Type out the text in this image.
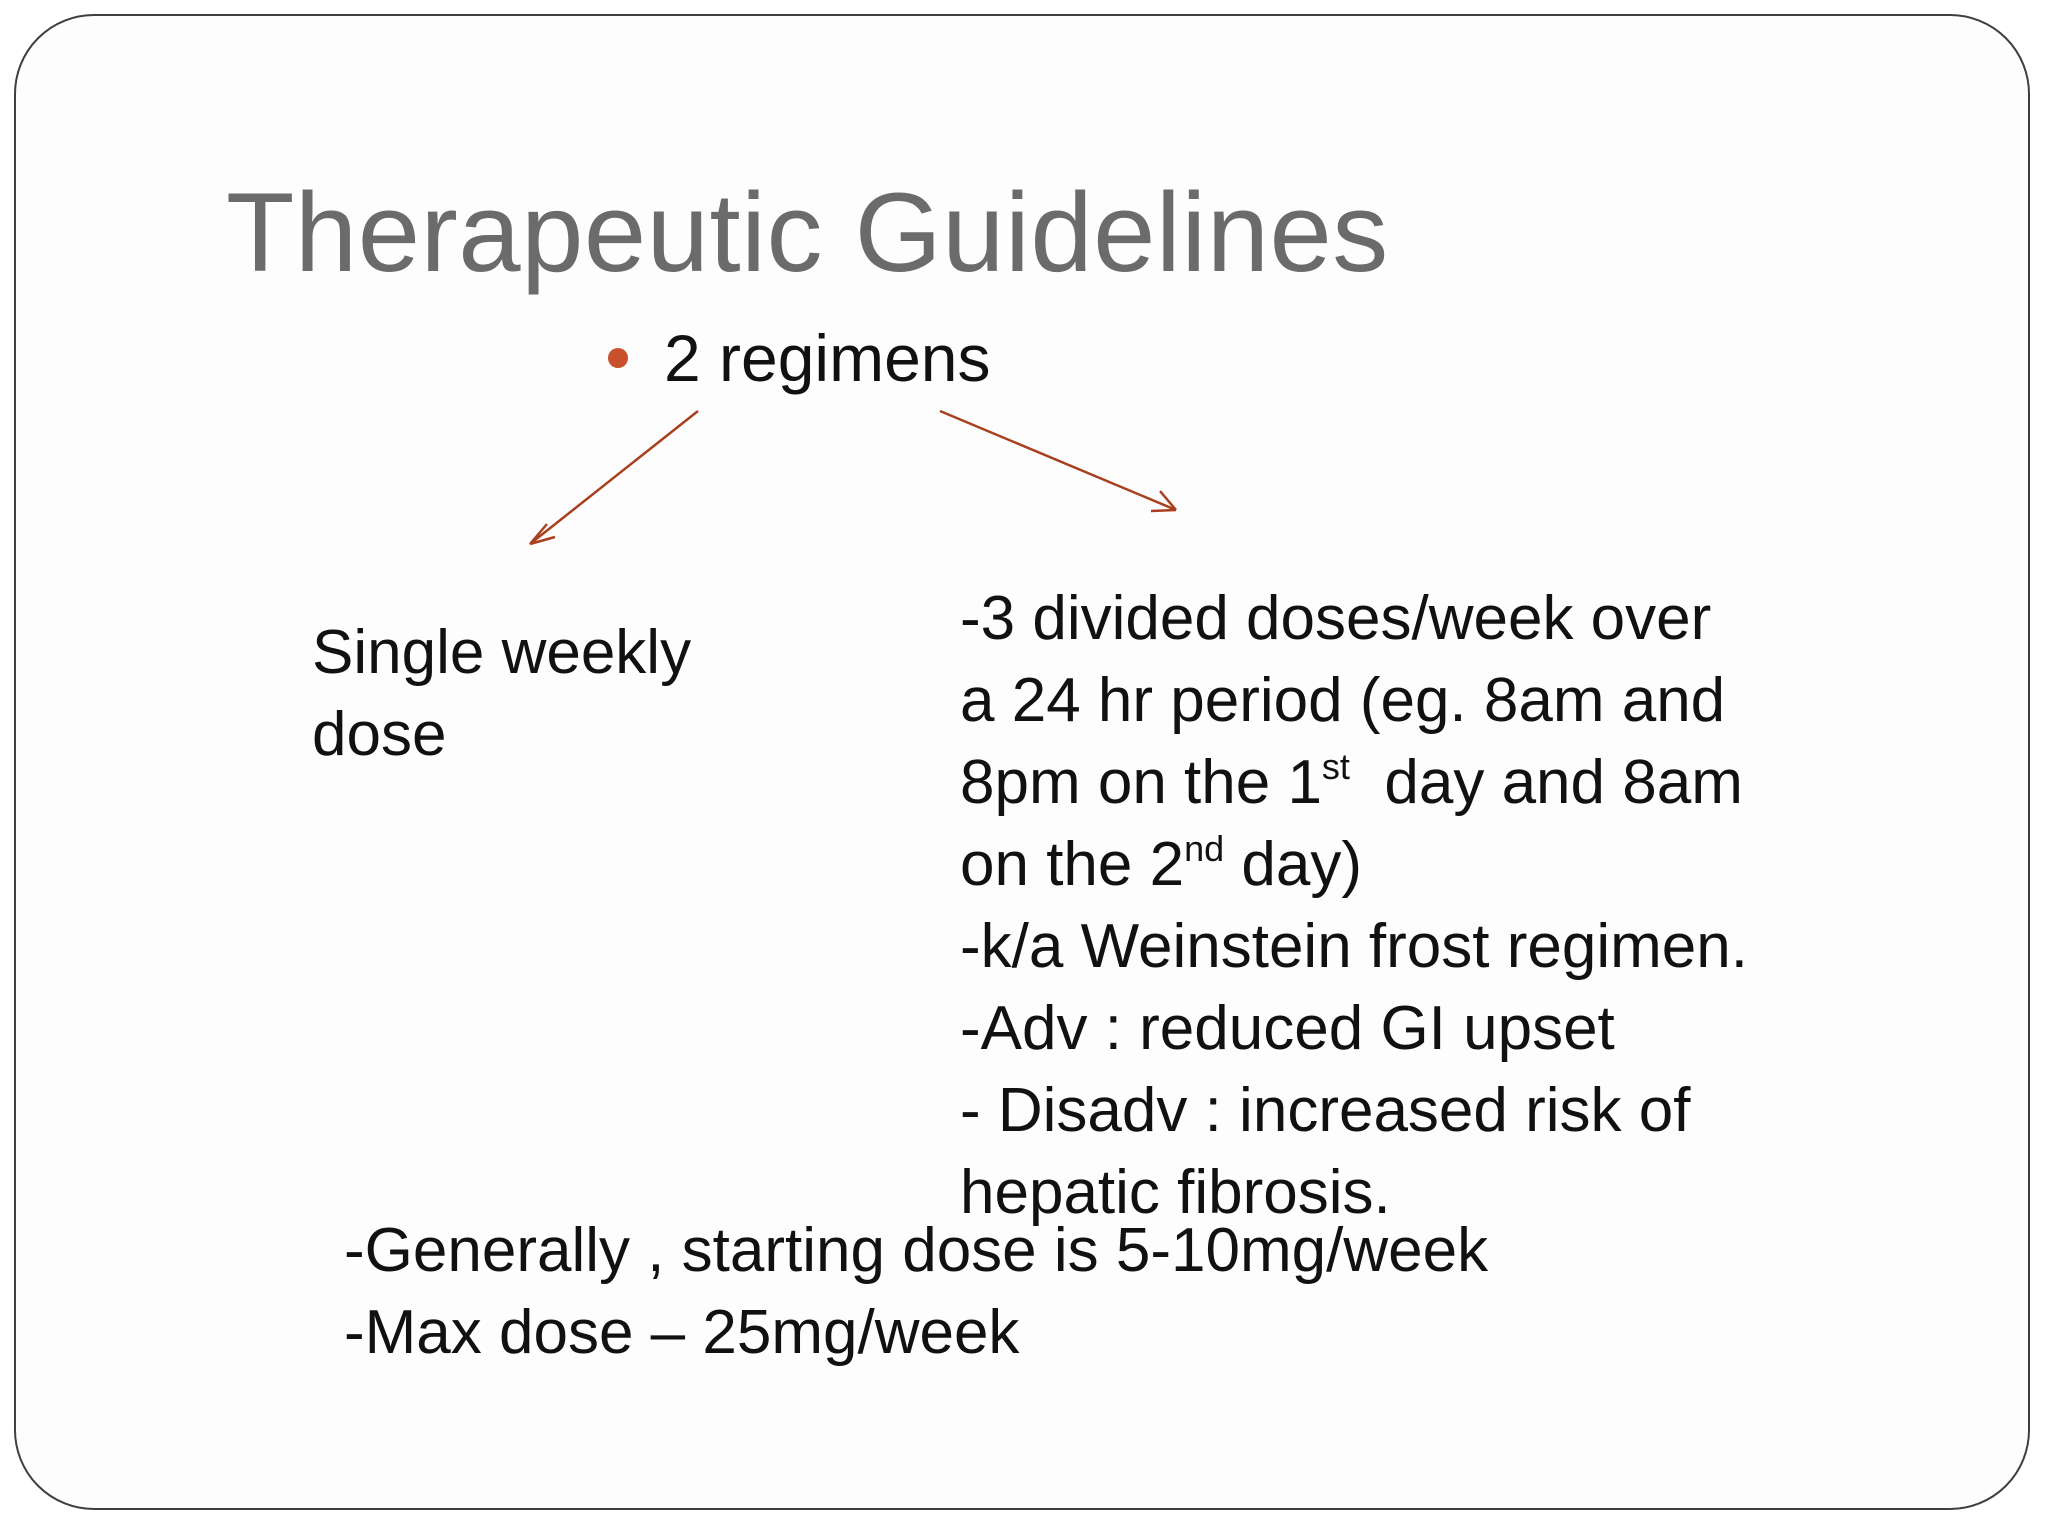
Therapeutic Guidelines
2 regimens
Single weekly
dose
-3 divided doses/week over
a 24 hr period (eg. 8am and
8pm on the 1st  day and 8am
on the 2nd day)
-k/a Weinstein frost regimen.
-Adv : reduced GI upset
- Disadv : increased risk of
hepatic fibrosis.
-Generally , starting dose is 5-10mg/week
-Max dose – 25mg/week
